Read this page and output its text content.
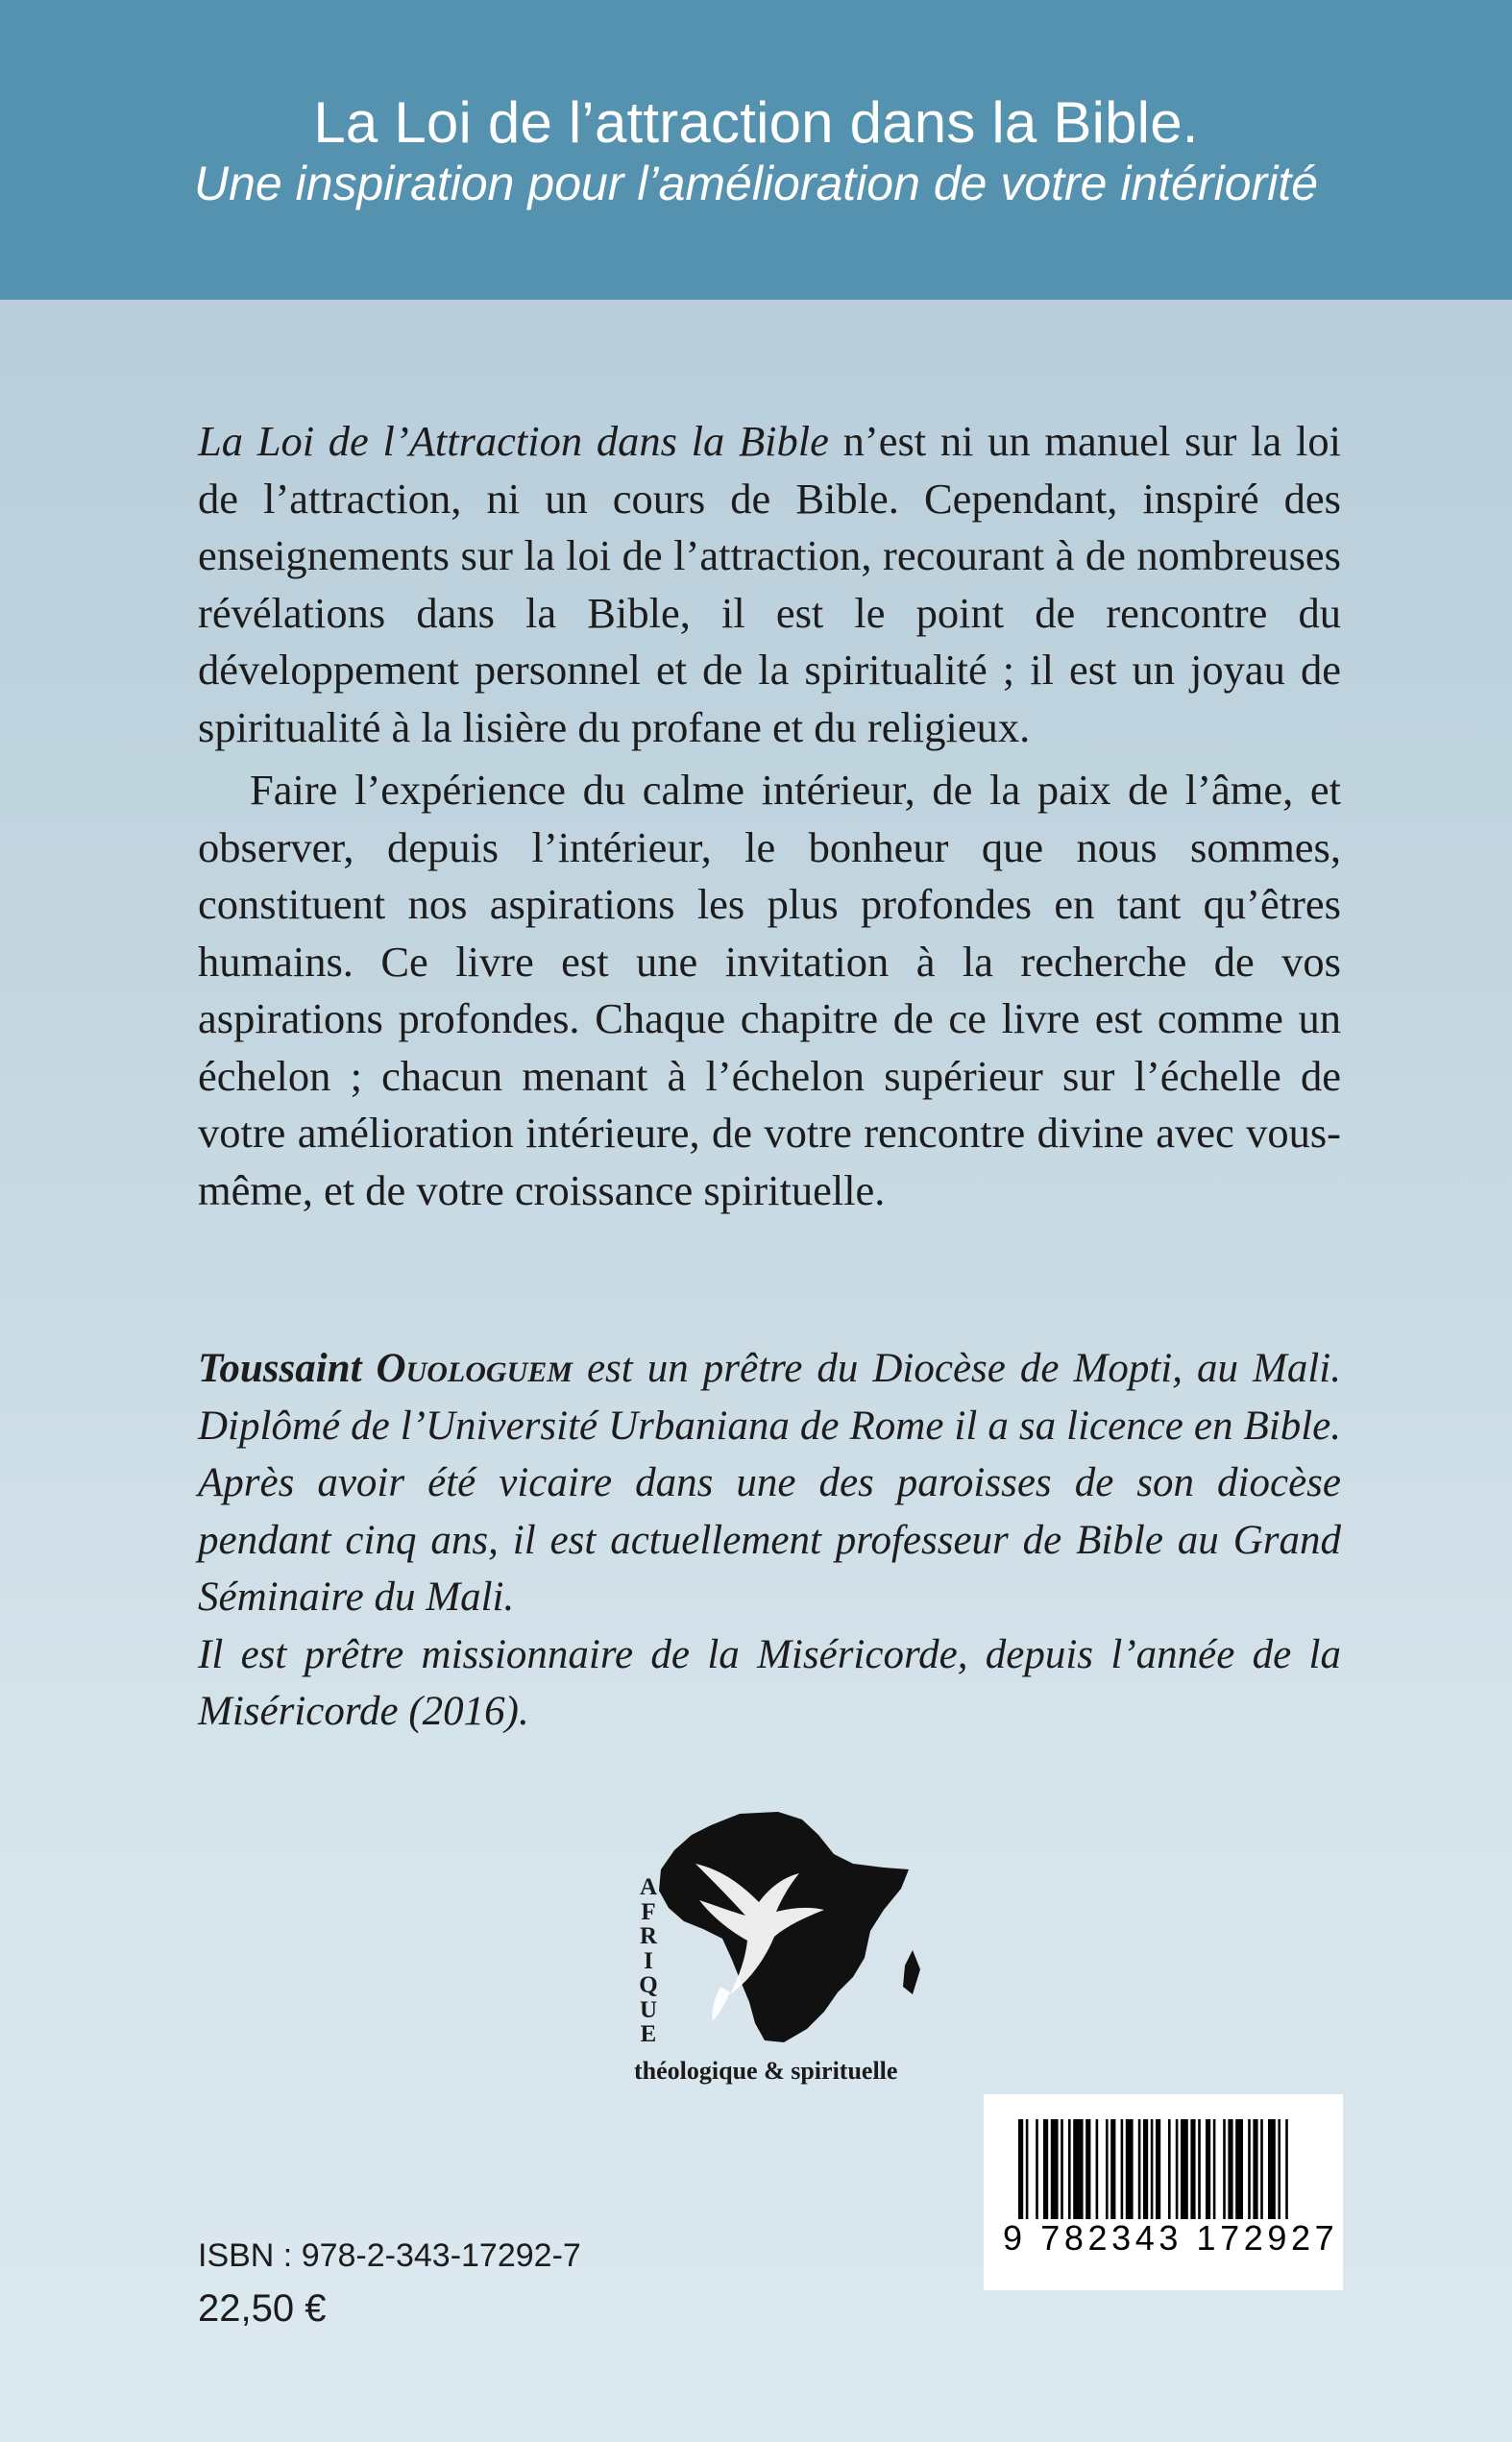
La Loi de l’attraction dans la Bible.
Une inspiration pour l’amélioration de votre intériorité

La Loi de l’Attraction dans la Bible n’est ni un manuel sur la loi de l’attraction, ni un cours de Bible. Cependant, inspiré des enseignements sur la loi de l’attraction, recourant à de nombreuses révélations dans la Bible, il est le point de rencontre du développement personnel et de la spiritualité ; il est un joyau de spiritualité à la lisière du profane et du religieux.

Faire l’expérience du calme intérieur, de la paix de l’âme, et observer, depuis l’intérieur, le bonheur que nous sommes, constituent nos aspirations les plus profondes en tant qu’êtres humains. Ce livre est une invitation à la recherche de vos aspirations profondes. Chaque chapitre de ce livre est comme un échelon ; chacun menant à l’échelon supérieur sur l’échelle de votre amélioration intérieure, de votre rencontre divine avec vous-même, et de votre croissance spirituelle.

Toussaint Ouologuem est un prêtre du Diocèse de Mopti, au Mali. Diplômé de l’Université Urbaniana de Rome il a sa licence en Bible. Après avoir été vicaire dans une des paroisses de son diocèse pendant cinq ans, il est actuellement professeur de Bible au Grand Séminaire du Mali.

Il est prêtre missionnaire de la Miséricorde, depuis l’année de la Miséricorde (2016).

A
F
R
I
Q
U
E
théologique & spirituelle
9 782343 172927
ISBN : 978-2-343-17292-7
22,50 €
